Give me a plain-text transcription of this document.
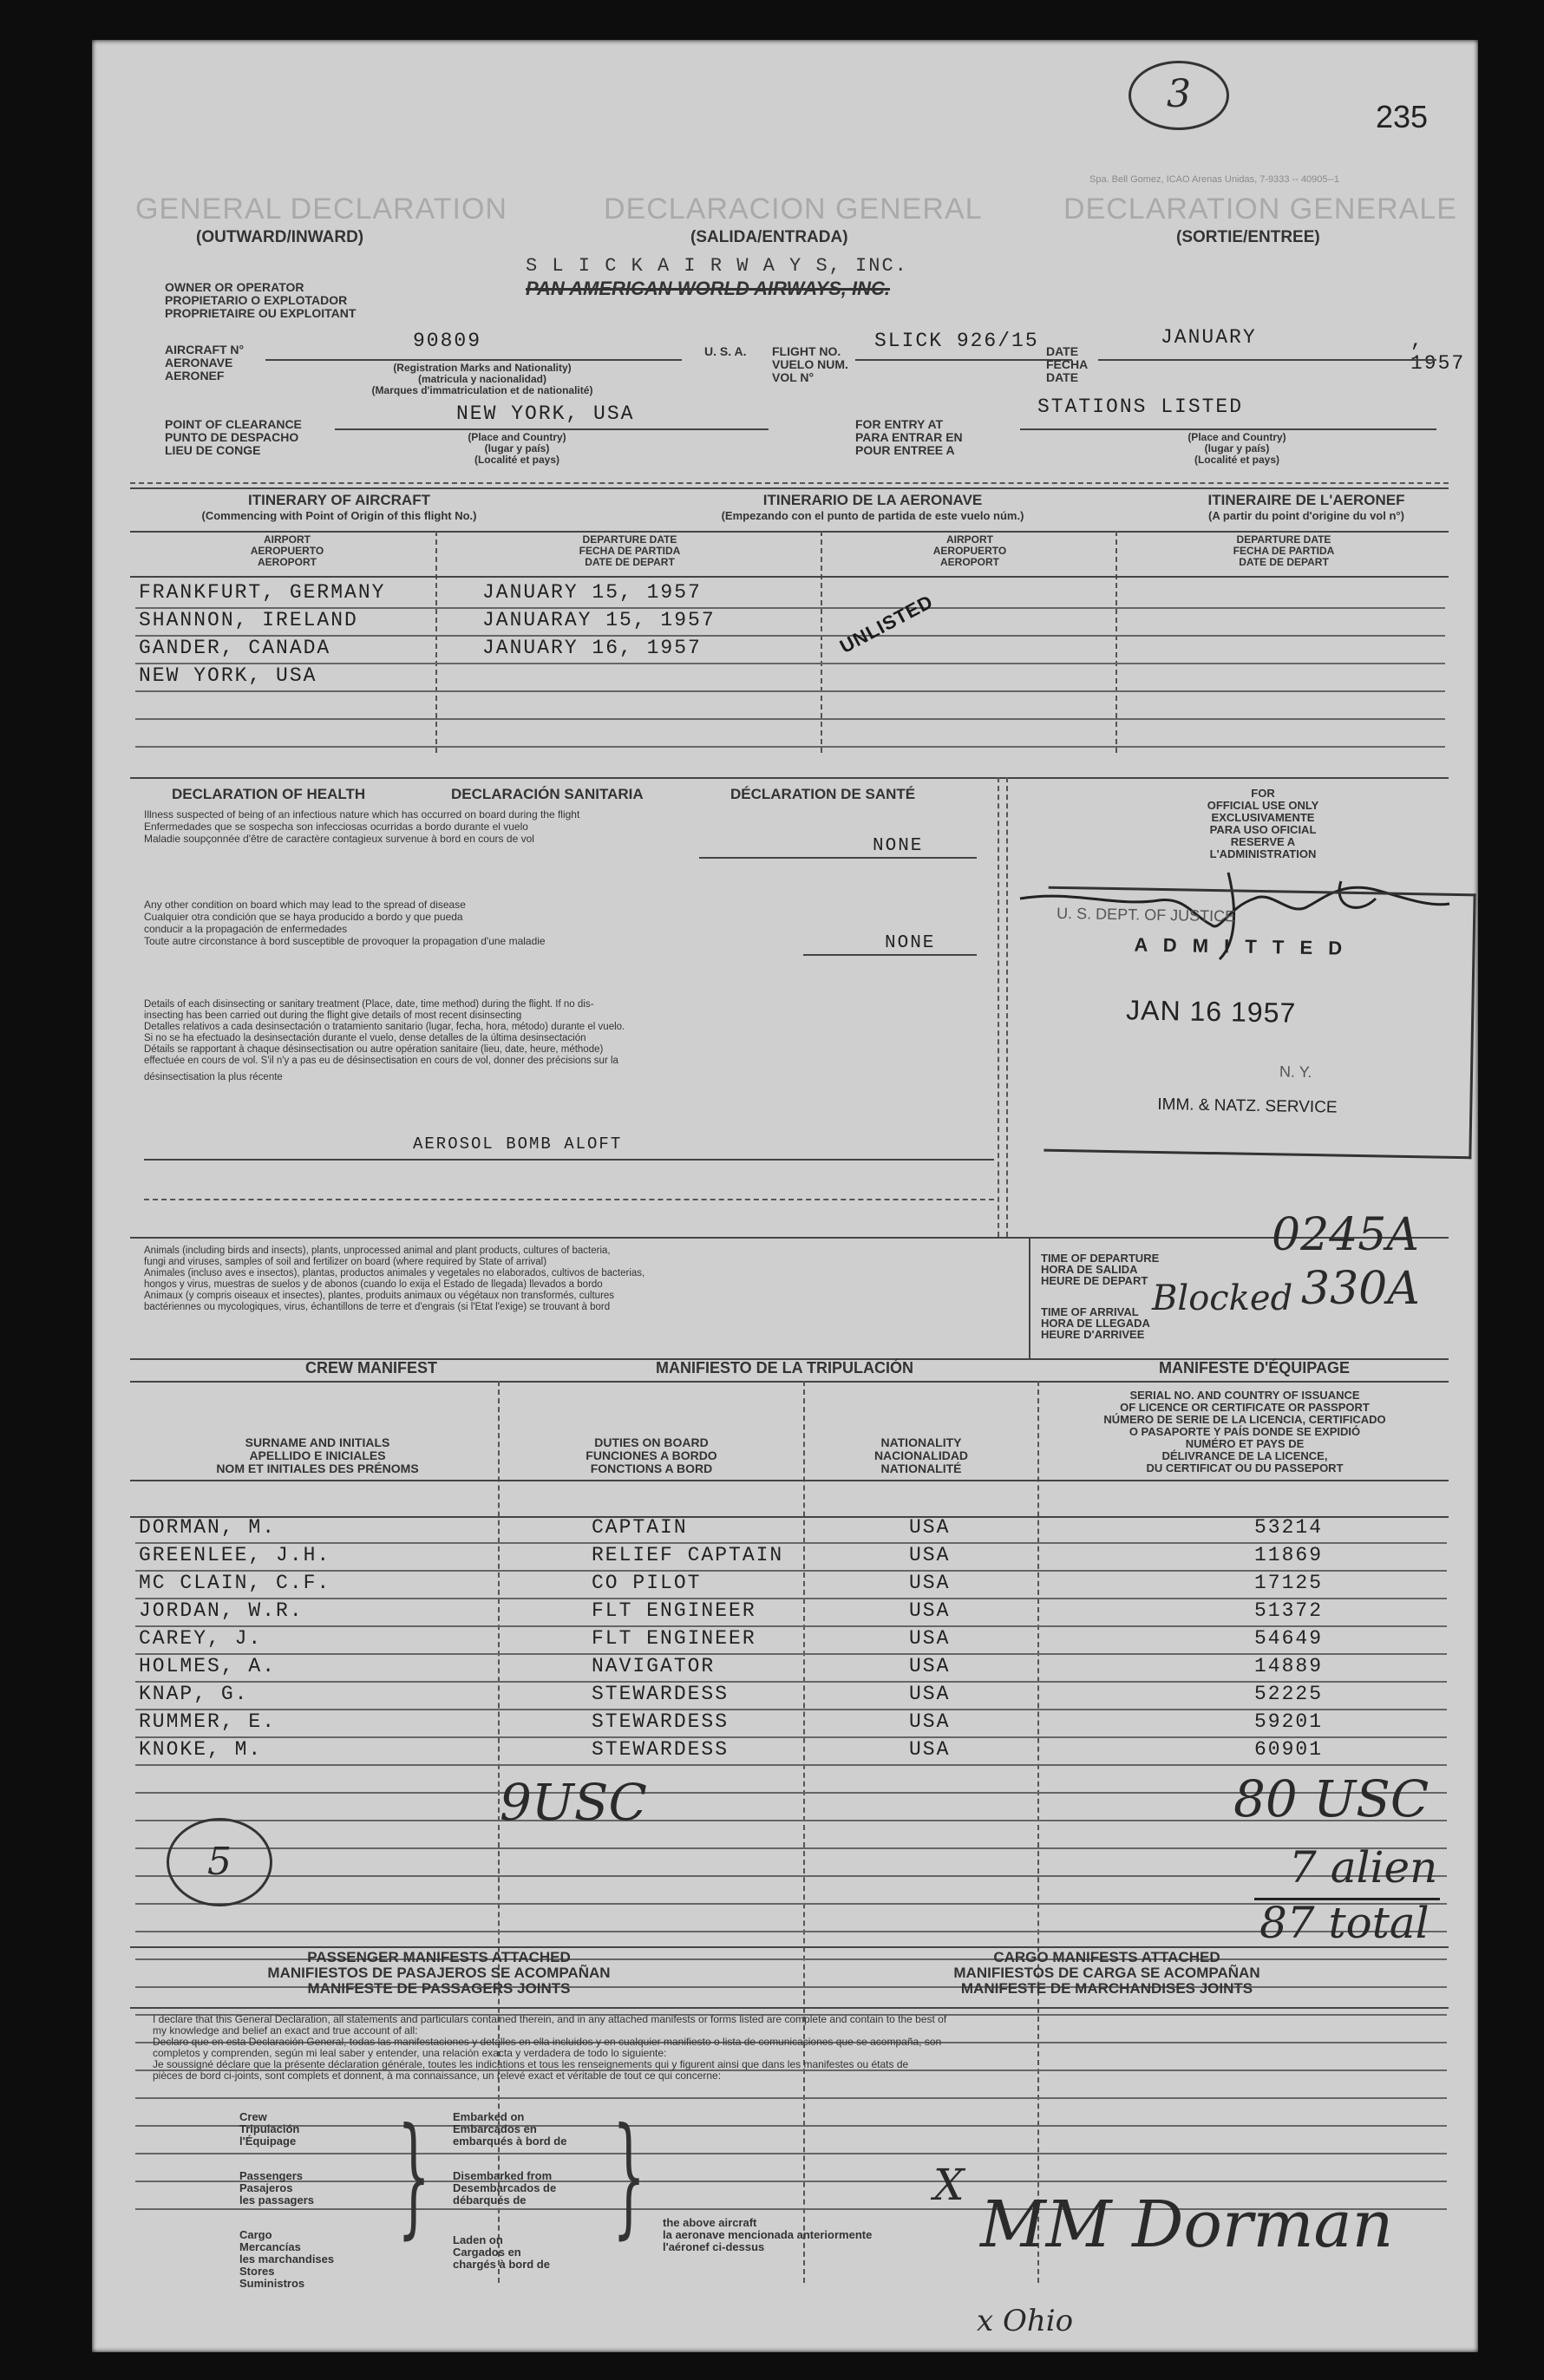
3
235
Spa. Bell Gomez, ICAO Arenas Unidas, 7-9333 -- 40905--1
GENERAL DECLARATION	DECLARACION GENERAL	DECLARATION GENERALE
(OUTWARD/INWARD)	(SALIDA/ENTRADA)	(SORTIE/ENTREE)
OWNER OR OPERATOR
PROPIETARIO O EXPLOTADOR
PROPRIETAIRE OU EXPLOITANT
S L I C K A I R W A Y S, INC.
PAN AMERICAN WORLD AIRWAYS, INC.
AIRCRAFT N°
AERONAVE
AERONEF
90809
(Registration Marks and Nationality)
(matricula y nacionalidad)
(Marques d'immatriculation et de nationalité)
U. S. A. FLIGHT NO.
VUELO NUM.
VOL N°
SLICK 926/15 DATE
FECHA
DATE
JANUARY	, 1957
POINT OF CLEARANCE
PUNTO DE DESPACHO
LIEU DE CONGE
NEW YORK, USA
(Place and Country)
(lugar y país)
(Localité et pays)
FOR ENTRY AT
PARA ENTRAR EN
POUR ENTREE A
STATIONS LISTED
(Place and Country)
(lugar y país)
(Localité et pays)
ITINERARY OF AIRCRAFT
(Commencing with Point of Origin of this flight No.)
ITINERARIO DE LA AERONAVE
(Empezando con el punto de partida de este vuelo núm.)
ITINERAIRE DE L'AERONEF
(A partir du point d'origine du vol n°)
AIRPORT
AEROPUERTO
AEROPORT
DEPARTURE DATE
FECHA DE PARTIDA
DATE DE DEPART
AIRPORT
AEROPUERTO
AEROPORT
DEPARTURE DATE
FECHA DE PARTIDA
DATE DE DEPART
FRANKFURT, GERMANY	JANUARY 15, 1957
SHANNON, IRELAND	JANUARAY 15, 1957
GANDER, CANADA	JANUARY 16, 1957
NEW YORK, USA
UNLISTED
DECLARATION OF HEALTH	DECLARACIÓN SANITARIA	DÉCLARATION DE SANTÉ
Illness suspected of being of an infectious nature which has occurred on board during the flight
Enfermedades que se sospecha son infecciosas ocurridas a bordo durante el vuelo
Maladie soupçonnée d'être de caractère contagieux survenue à bord en cours de vol	NONE
Any other condition on board which may lead to the spread of disease
Cualquier otra condición que se haya producido a bordo y que pueda
conducir a la propagación de enfermedades
Toute autre circonstance à bord susceptible de provoquer la propagation d'une maladie	NONE
Details of each disinsecting or sanitary treatment (Place, date, time method) during the flight. If no dis-
insecting has been carried out during the flight give details of most recent disinsecting
Detalles relativos a cada desinsectación o tratamiento sanitario (lugar, fecha, hora, método) durante el vuelo.
Si no se ha efectuado la desinsectación durante el vuelo, dense detalles de la última desinsectación
Détails se rapportant à chaque désinsectisation ou autre opération sanitaire (lieu, date, heure, méthode)
effectuée en cours de vol. S'il n'y a pas eu de désinsectisation en cours de vol, donner des précisions sur la
désinsectisation la plus récente
AEROSOL BOMB ALOFT
FOR
OFFICIAL USE ONLY
EXCLUSIVAMENTE
PARA USO OFICIAL
RESERVE A
L'ADMINISTRATION
U. S. DEPT. OF JUSTICE
A D M I T T E D
JAN 16 1957
N. Y.
IMM. & NATZ. SERVICE
Animals (including birds and insects), plants, unprocessed animal and plant products, cultures of bacteria,
fungi and viruses, samples of soil and fertilizer on board (where required by State of arrival)
Animales (incluso aves e insectos), plantas, productos animales y vegetales no elaborados, cultivos de bacterias,
hongos y virus, muestras de suelos y de abonos (cuando lo exija el Estado de llegada) llevados a bordo
Animaux (y compris oiseaux et insectes), plantes, produits animaux ou végétaux non transformés, cultures
bactériennes ou mycologiques, virus, échantillons de terre et d'engrais (si l'Etat l'exige) se trouvant à bord
TIME OF DEPARTURE
HORA DE SALIDA
HEURE DE DEPART
0245A
TIME OF ARRIVAL
HORA DE LLEGADA
HEURE D'ARRIVEE
Blocked 330A
CREW MANIFEST	MANIFIESTO DE LA TRIPULACIÓN	MANIFESTE D'ÉQUIPAGE
SURNAME AND INITIALS
APELLIDO E INICIALES
NOM ET INITIALES DES PRÉNOMS
DUTIES ON BOARD
FUNCIONES A BORDO
FONCTIONS A BORD
NATIONALITY
NACIONALIDAD
NATIONALITÉ
SERIAL NO. AND COUNTRY OF ISSUANCE
OF LICENCE OR CERTIFICATE OR PASSPORT
NÚMERO DE SERIE DE LA LICENCIA, CERTIFICADO
O PASAPORTE Y PAÍS DONDE SE EXPIDIÓ
NUMÉRO ET PAYS DE
DÉLIVRANCE DE LA LICENCE,
DU CERTIFICAT OU DU PASSEPORT
DORMAN, M.	CAPTAIN	USA	53214
GREENLEE, J.H.	RELIEF CAPTAIN	USA	11869
MC CLAIN, C.F.	CO PILOT	USA	17125
JORDAN, W.R.	FLT ENGINEER	USA	51372
CAREY, J.	FLT ENGINEER	USA	54649
HOLMES, A.	NAVIGATOR	USA	14889
KNAP, G.	STEWARDESS	USA	52225
RUMMER, E.	STEWARDESS	USA	59201
KNOKE, M.	STEWARDESS	USA	60901
9USC
5
80 USC
7 alien
87 total
PASSENGER MANIFESTS ATTACHED
MANIFIESTOS DE PASAJEROS SE ACOMPAÑAN
MANIFESTE DE PASSAGERS JOINTS
CARGO MANIFESTS ATTACHED
MANIFIESTOS DE CARGA SE ACOMPAÑAN
MANIFESTE DE MARCHANDISES JOINTS
I declare that this General Declaration, all statements and particulars contained therein, and in any attached manifests or forms listed are complete and contain to the best of
my knowledge and belief an exact and true account of all:
Declaro que en esta Declaración General, todas las manifestaciones y detalles en ella incluidos y en cualquier manifiesto o lista de comunicaciones que se acompaña, son
completos y comprenden, según mi leal saber y entender, una relación exacta y verdadera de todo lo siguiente:
Je soussigné déclare que la présente déclaration générale, toutes les indications et tous les renseignements qui y figurent ainsi que dans les manifestes ou états de
pièces de bord ci-joints, sont complets et donnent, à ma connaissance, un relevé exact et véritable de tout ce qui concerne:
Crew
Tripulación
l'Équipage
Passengers
Pasajeros
les passagers
Cargo
Mercancías
les marchandises
Stores
Suministros
} Embarked on
Embarcados en
embarqués à bord de
Disembarked from
Desembarcados de
débarqués de
Laden on
Cargados en
chargés à bord de
} the above aircraft
la aeronave mencionada anteriormente
l'aéronef ci-dessus
X
MM Dorman
x Ohio
